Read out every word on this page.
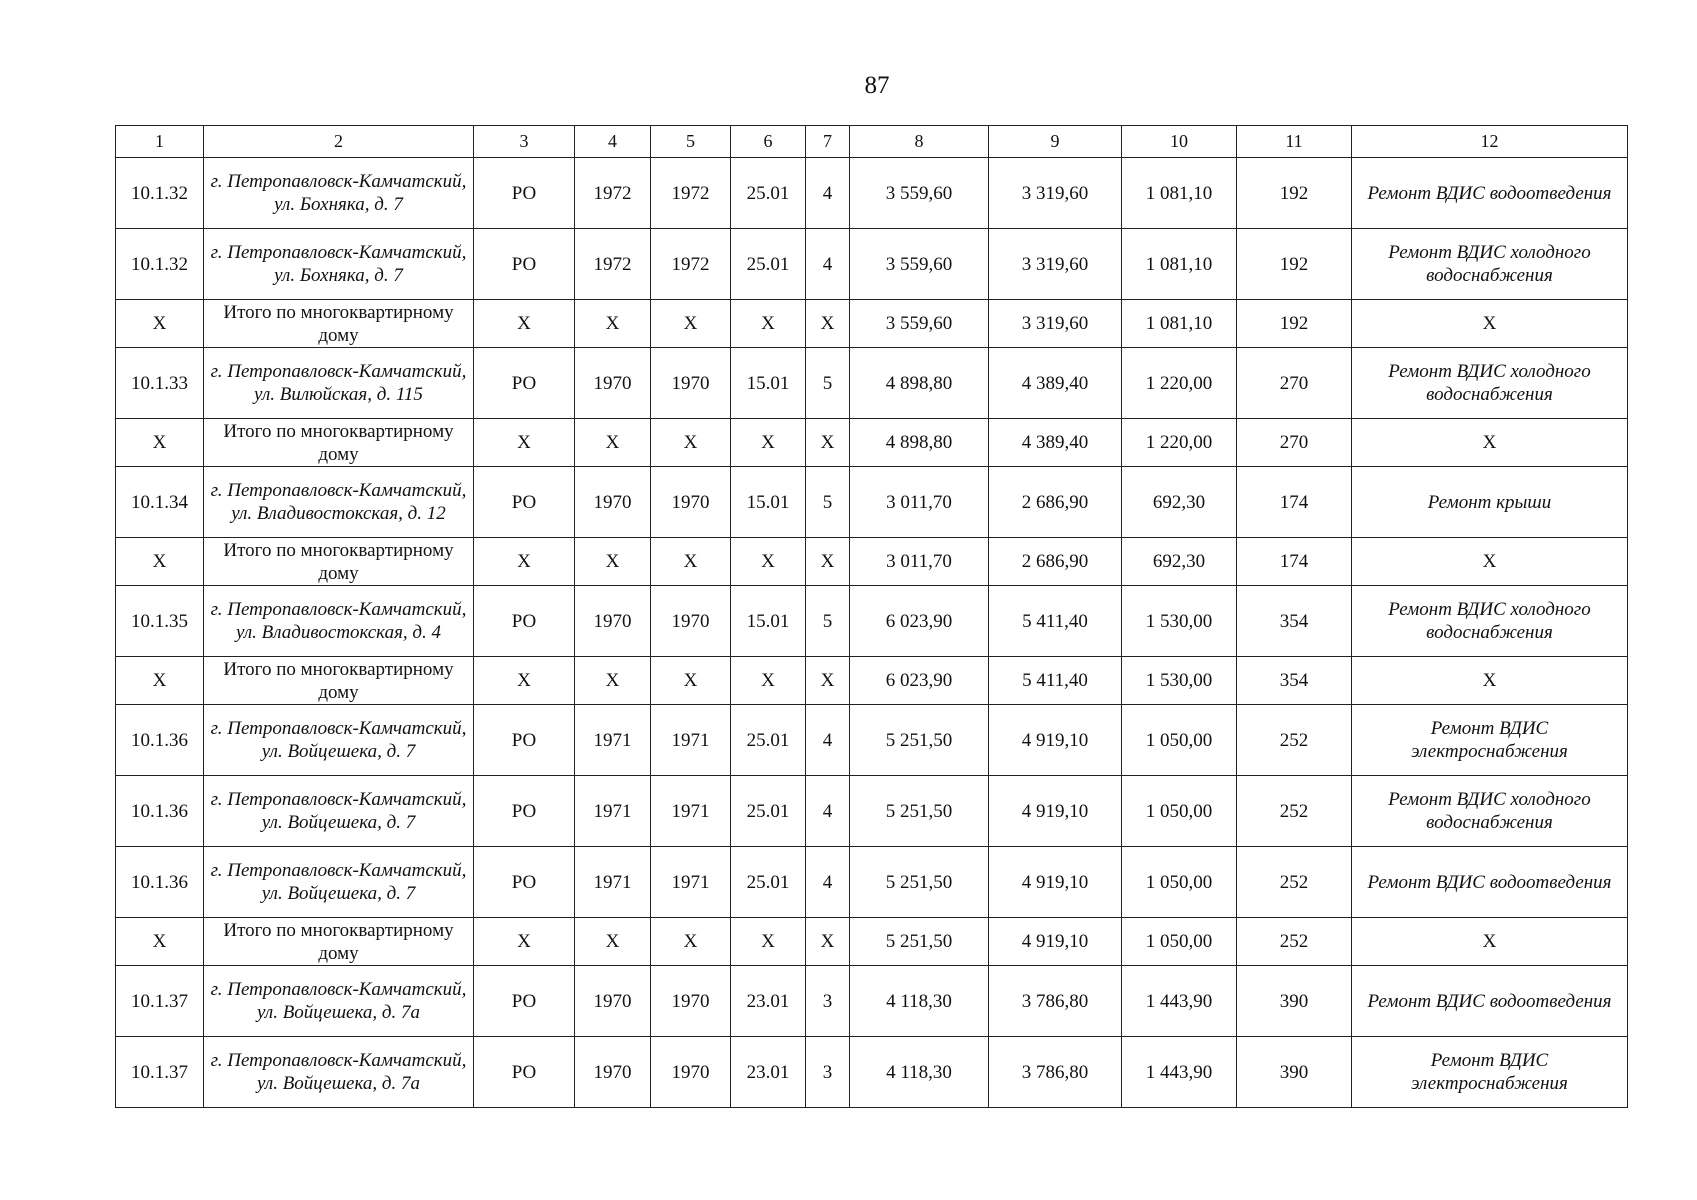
87
1	2	3	4	5	6	7	8	9	10	11	12
10.1.32	г. Петропавловск-Камчатский, ул. Бохняка, д. 7	РО	1972	1972	25.01	4	3 559,60	3 319,60	1 081,10	192	Ремонт ВДИС водоотведения
10.1.32	г. Петропавловск-Камчатский, ул. Бохняка, д. 7	РО	1972	1972	25.01	4	3 559,60	3 319,60	1 081,10	192	Ремонт ВДИС холодного водоснабжения
Х	Итого по многоквартирному дому	Х	Х	Х	Х	Х	3 559,60	3 319,60	1 081,10	192	Х
10.1.33	г. Петропавловск-Камчатский, ул. Вилюйская, д. 115	РО	1970	1970	15.01	5	4 898,80	4 389,40	1 220,00	270	Ремонт ВДИС холодного водоснабжения
Х	Итого по многоквартирному дому	Х	Х	Х	Х	Х	4 898,80	4 389,40	1 220,00	270	Х
10.1.34	г. Петропавловск-Камчатский, ул. Владивостокская, д. 12	РО	1970	1970	15.01	5	3 011,70	2 686,90	692,30	174	Ремонт крыши
Х	Итого по многоквартирному дому	Х	Х	Х	Х	Х	3 011,70	2 686,90	692,30	174	Х
10.1.35	г. Петропавловск-Камчатский, ул. Владивостокская, д. 4	РО	1970	1970	15.01	5	6 023,90	5 411,40	1 530,00	354	Ремонт ВДИС холодного водоснабжения
Х	Итого по многоквартирному дому	Х	Х	Х	Х	Х	6 023,90	5 411,40	1 530,00	354	Х
10.1.36	г. Петропавловск-Камчатский, ул. Войцешека, д. 7	РО	1971	1971	25.01	4	5 251,50	4 919,10	1 050,00	252	Ремонт ВДИС электроснабжения
10.1.36	г. Петропавловск-Камчатский, ул. Войцешека, д. 7	РО	1971	1971	25.01	4	5 251,50	4 919,10	1 050,00	252	Ремонт ВДИС холодного водоснабжения
10.1.36	г. Петропавловск-Камчатский, ул. Войцешека, д. 7	РО	1971	1971	25.01	4	5 251,50	4 919,10	1 050,00	252	Ремонт ВДИС водоотведения
Х	Итого по многоквартирному дому	Х	Х	Х	Х	Х	5 251,50	4 919,10	1 050,00	252	Х
10.1.37	г. Петропавловск-Камчатский, ул. Войцешека, д. 7а	РО	1970	1970	23.01	3	4 118,30	3 786,80	1 443,90	390	Ремонт ВДИС водоотведения
10.1.37	г. Петропавловск-Камчатский, ул. Войцешека, д. 7а	РО	1970	1970	23.01	3	4 118,30	3 786,80	1 443,90	390	Ремонт ВДИС электроснабжения
